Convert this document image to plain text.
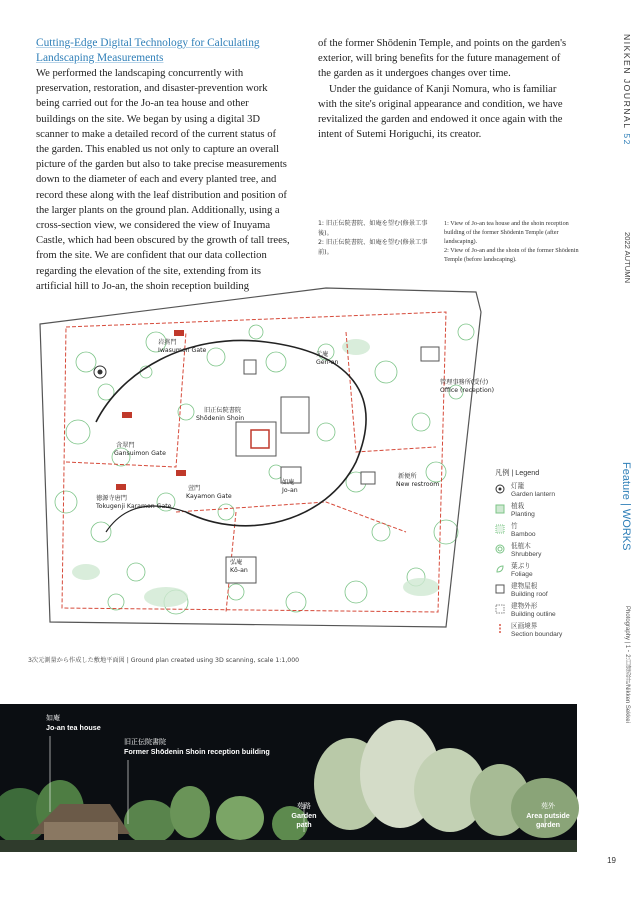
Cutting-Edge Digital Technology for Calculating Landscaping Measurements

We performed the landscaping concurrently with preservation, restoration, and disaster-prevention work being carried out for the Jo-an tea house and other buildings on the site. We began by using a digital 3D scanner to make a detailed record of the current status of the garden. This enabled us not only to capture an overall picture of the garden but also to take precise measurements down to the diameter of each and every planted tree, and record these along with the leaf distribution and position of the larger plants on the ground plan. Additionally, using a cross-section view, we considered the view of Inuyama Castle, which had been obscured by the growth of tall trees, from the site. We are confident that our data collection regarding the elevation of the site, extending from its artificial hill to Jo-an, the shoin reception building

of the former Shōdenin Temple, and points on the garden's exterior, will bring benefits for the future management of the garden as it undergoes changes over time.

Under the guidance of Kanji Nomura, who is familiar with the site's original appearance and condition, we have revitalized the garden and endowed it once again with the intent of Sutemi Horiguchi, its creator.

1: 旧正伝院書院、如庵を望む(修景工事後)。
2: 旧正伝院書院、如庵を望む(修景工事前)。
1: View of Jo-an tea house and the shoin reception building of the former Shōdenin Temple (after landscaping).
2: View of Jo-an and the shoin of the former Shōdenin Temple (before landscaping).
NIKKEN JOURNAL 52
2022 AUTUMN
Feature | WORKS
Photography | 1・2:日建設計/Nikken Sekkei
岩燕門
Iwasumon Gate
元庵
Gen-an
管理事務所(受付)
Office (reception)
旧正伝院書院
Shōdenin Shoin
含翠門
Gansuimon Gate
萱門
Kayamon Gate
如庵
Jo-an
新便所
New restroom
徳源寺唐門
Tokugenji Karamon Gate
弘庵
Kō-an
凡例 | Legend
灯籠
Garden lantern
植栽
Planting
竹
Bamboo
低植木
Shrubbery
葉ぶり
Foliage
建物屋根
Building roof
建物外形
Building outline
区画境界
Section boundary
3次元測量から作成した敷地平面図 | Ground plan created using 3D scanning, scale 1:1,000
如庵
Jo-an tea house
旧正伝院書院
Former Shōdenin Shoin reception building
苑路
Garden path
苑外
Area outside garden
19
